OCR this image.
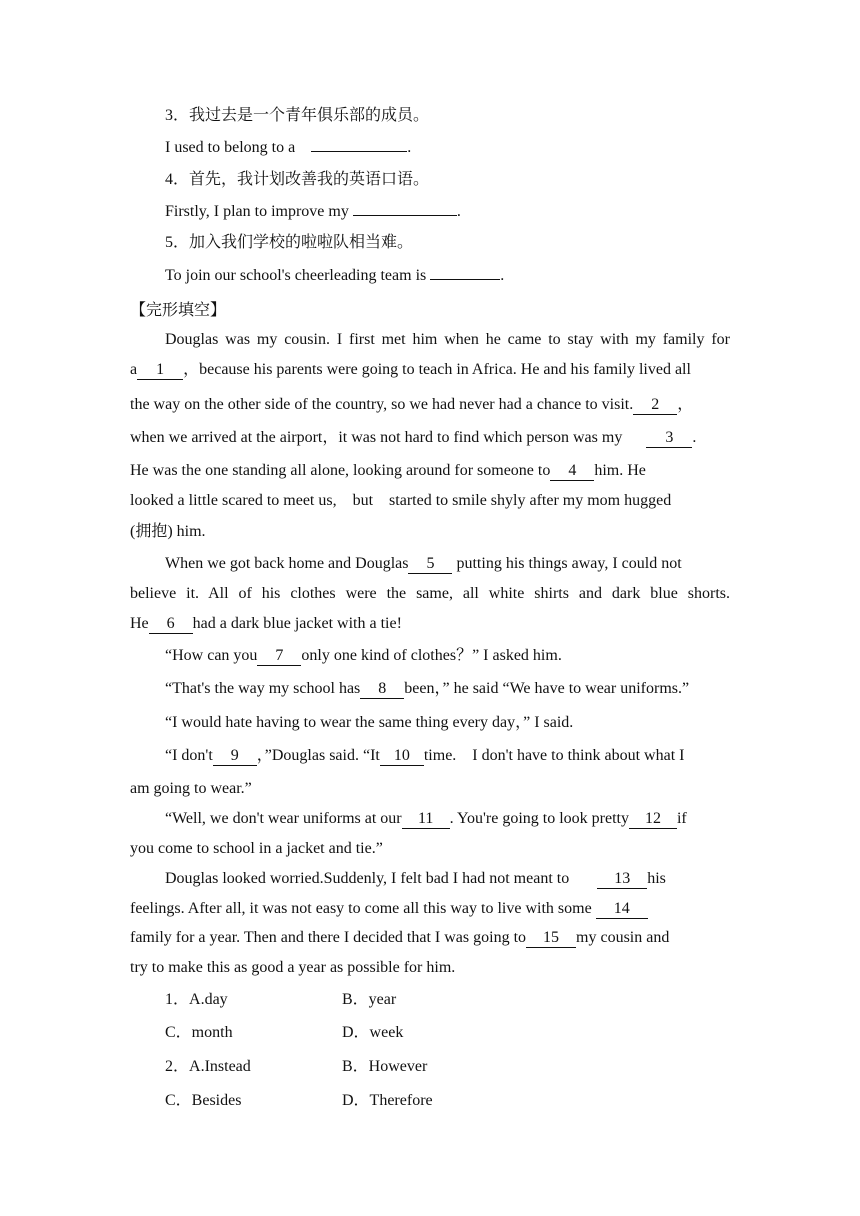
3．我过去是一个青年俱乐部的成员。
I used to belong to a	.
4．首先，我计划改善我的英语口语。
Firstly, I plan to improve my	.
5．加入我们学校的啦啦队相当难。
To join our school's cheerleading team is	.
【完形填空】
Douglas was my cousin. I first met him when he came to stay with my family for
a 1 ，because his parents were going to teach in Africa. He and his family lived all
the way on the other side of the country, so we had never had a chance to visit. 2 ，
when we arrived at the airport，it was not hard to find which person was my	3 .
He was the one standing all alone, looking around for someone to 4 him. He
looked a little scared to meet us,    but    started to smile shyly after my mom hugged
(拥抱) him.
When we got back home and Douglas 5 putting his things away, I could not
believe it. All of his clothes were the same, all white shirts and dark blue shorts.
He 6 had a dark blue jacket with a tie!
“How can you 7 only one kind of clothes？” I asked him.
“That's the way my school has 8 been，” he said “We have to wear uniforms.”
“I would hate having to wear the same thing every day，” I said.
“I don't 9 ，”Douglas said. “It 10 time.    I don't have to think about what I
am going to wear.”
“Well, we don't wear uniforms at our 11 . You're going to look pretty 12 if
you come to school in a jacket and tie.”
Douglas looked worried.Suddenly, I felt bad I had not meant to	13 his
feelings. After all, it was not easy to come all this way to live with some 14
family for a year. Then and there I decided that I was going to 15 my cousin and
try to make this as good a year as possible for him.
1．A.day	B．year
C．month	D．week
2．A.Instead	B．However
C．Besides	D．Therefore
